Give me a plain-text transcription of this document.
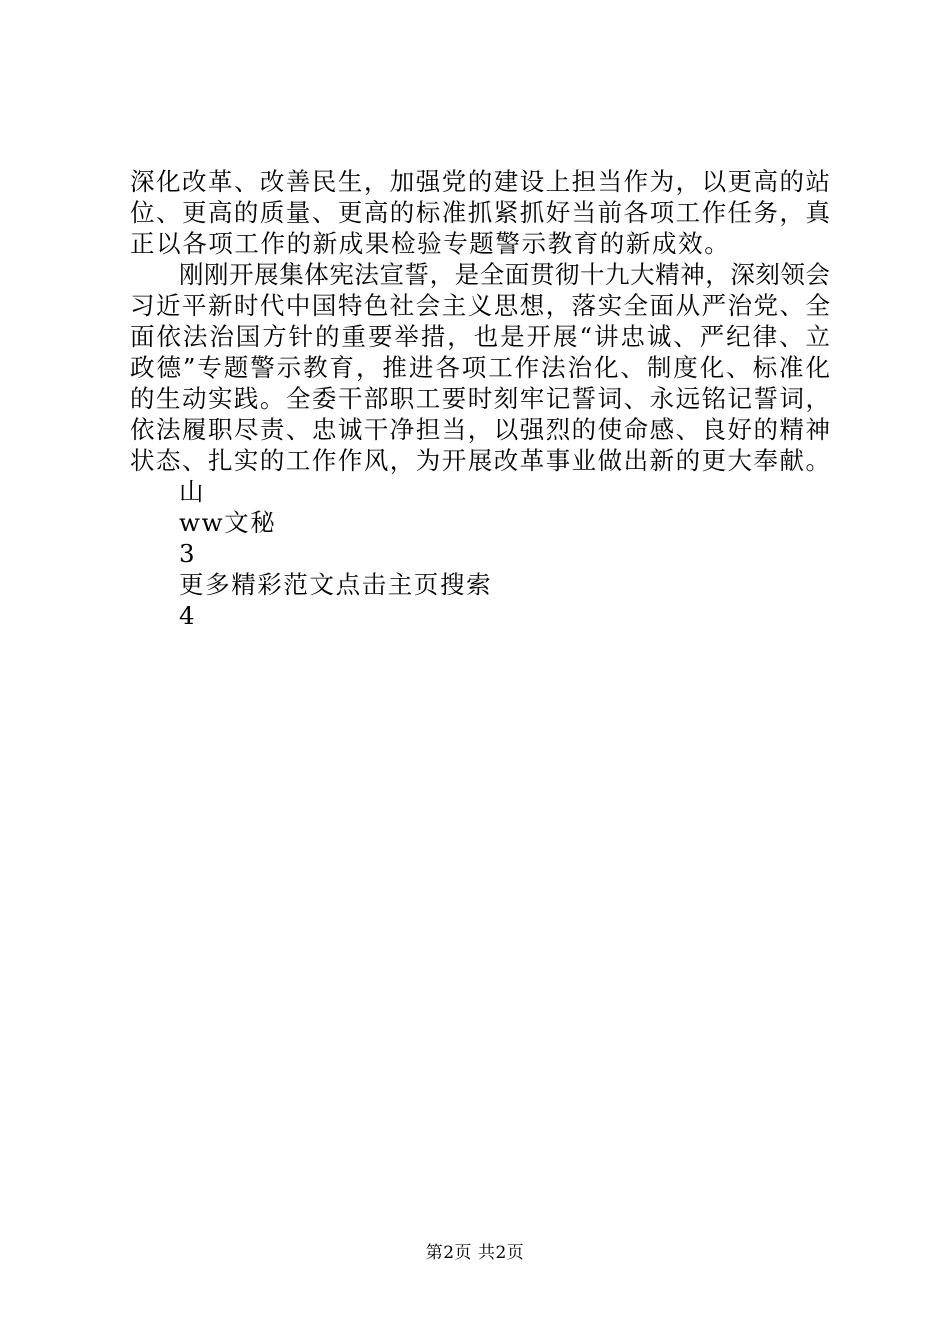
深化改革、改善民生，加强党的建设上担当作为，以更高的站
位、更高的质量、更高的标准抓紧抓好当前各项工作任务，真
正以各项工作的新成果检验专题警示教育的新成效。
刚刚开展集体宪法宣誓，是全面贯彻十九大精神，深刻领会
习近平新时代中国特色社会主义思想，落实全面从严治党、全
面依法治国方针的重要举措，也是开展“讲忠诚、严纪律、立
政德”专题警示教育，推进各项工作法治化、制度化、标准化
的生动实践。全委干部职工要时刻牢记誓词、永远铭记誓词，
依法履职尽责、忠诚干净担当，以强烈的使命感、良好的精神
状态、扎实的工作作风，为开展改革事业做出新的更大奉献。
山
ww文秘
3
更多精彩范文点击主页搜索
4
第2页 共2页
